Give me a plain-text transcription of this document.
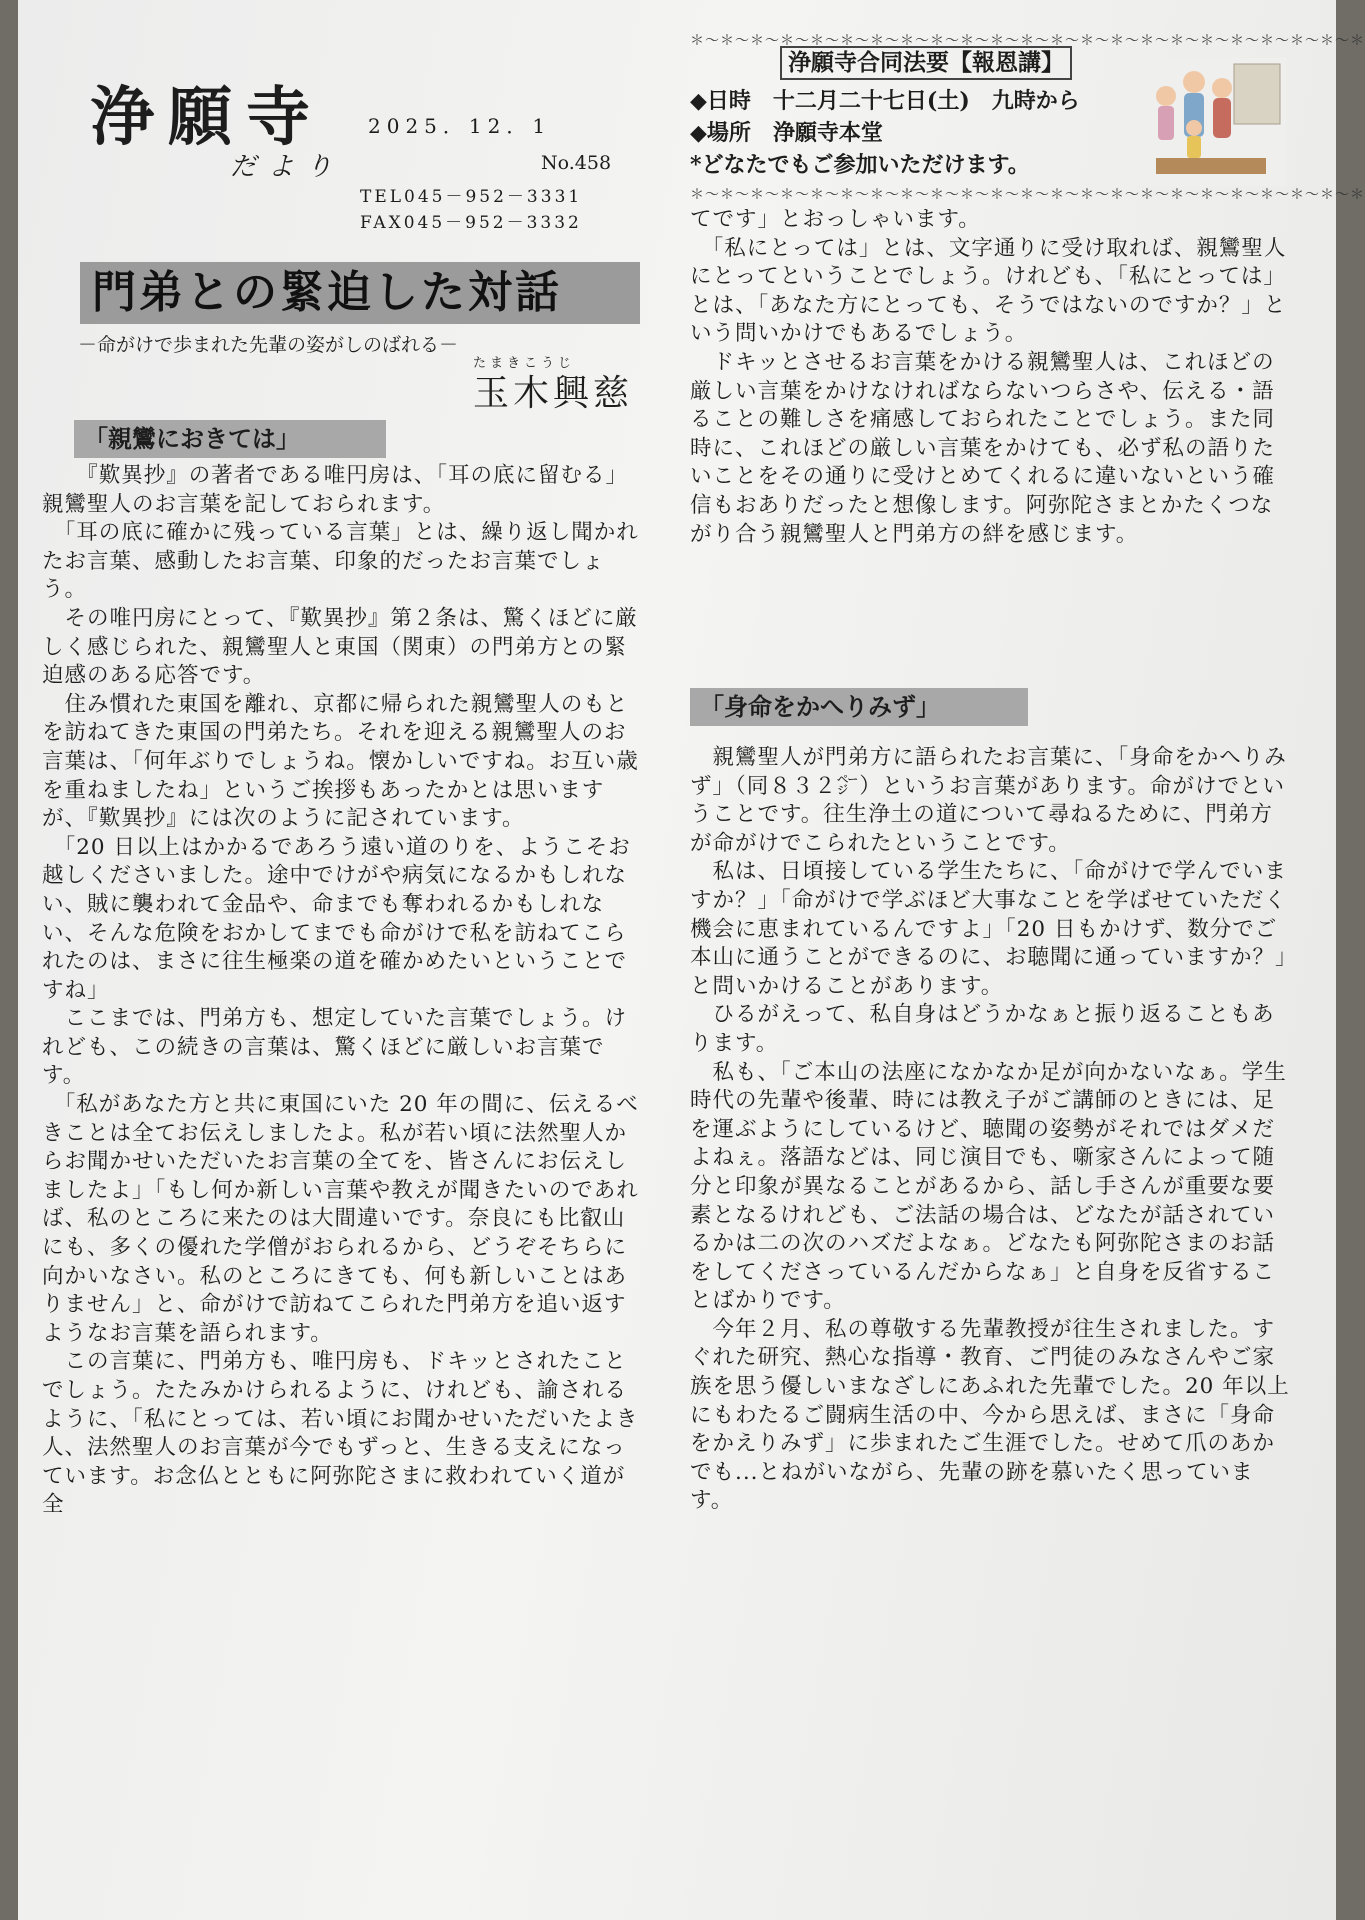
浄願寺
だより
2025．12．1
No.458
TEL045－952－3331
FAX045－952－3332
門弟との緊迫した対話
－命がけで歩まれた先輩の姿がしのばれる－
たまきこうじ
玉木興慈
「親鸞におきては」

　　『歎異抄』の著者である唯円房は、「耳の底に留むる」親鸞聖人のお言葉を記しておられます。

　「耳の底に確かに残っている言葉」とは、繰り返し聞かれたお言葉、感動したお言葉、印象的だったお言葉でしょう。

　その唯円房にとって、『歎異抄』第２条は、驚くほどに厳しく感じられた、親鸞聖人と東国（関東）の門弟方との緊迫感のある応答です。

　住み慣れた東国を離れ、京都に帰られた親鸞聖人のもとを訪ねてきた東国の門弟たち。それを迎える親鸞聖人のお言葉は、「何年ぶりでしょうね。懐かしいですね。お互い歳を重ねましたね」というご挨拶もあったかとは思いますが、『歎異抄』には次のように記されています。

　「20 日以上はかかるであろう遠い道のりを、ようこそお越しくださいました。途中でけがや病気になるかもしれない、賊に襲われて金品や、命までも奪われるかもしれない、そんな危険をおかしてまでも命がけで私を訪ねてこられたのは、まさに往生極楽の道を確かめたいということですね」

　ここまでは、門弟方も、想定していた言葉でしょう。けれども、この続きの言葉は、驚くほどに厳しいお言葉です。

　「私があなた方と共に東国にいた 20 年の間に、伝えるべきことは全てお伝えしましたよ。私が若い頃に法然聖人からお聞かせいただいたお言葉の全てを、皆さんにお伝えしましたよ」「もし何か新しい言葉や教えが聞きたいのであれば、私のところに来たのは大間違いです。奈良にも比叡山にも、多くの優れた学僧がおられるから、どうぞそちらに向かいなさい。私のところにきても、何も新しいことはありません」と、命がけで訪ねてこられた門弟方を追い返すようなお言葉を語られます。

　この言葉に、門弟方も、唯円房も、ドキッとされたことでしょう。たたみかけられるように、けれども、諭されるように、「私にとっては、若い頃にお聞かせいただいたよき人、法然聖人のお言葉が今でもずっと、生きる支えになっています。お念仏とともに阿弥陀さまに救われていく道が全

＊～＊～＊～＊～＊～＊～＊～＊～＊～＊～＊～＊～＊～＊～＊～＊～＊～＊～＊～＊～＊～＊～＊
浄願寺合同法要【報恩講】
◆日時　十二月二十七日(土)　九時から
◆場所　浄願寺本堂
*どなたでもご参加いただけます。
＊～＊～＊～＊～＊～＊～＊～＊～＊～＊～＊～＊～＊～＊～＊～＊～＊～＊～＊～＊～＊～＊～＊

てです」とおっしゃいます。

　「私にとっては」とは、文字通りに受け取れば、親鸞聖人にとってということでしょう。けれども、「私にとっては」とは、「あなた方にとっても、そうではないのですか？」という問いかけでもあるでしょう。

　ドキッとさせるお言葉をかける親鸞聖人は、これほどの厳しい言葉をかけなければならないつらさや、伝える・語ることの難しさを痛感しておられたことでしょう。また同時に、これほどの厳しい言葉をかけても、必ず私の語りたいことをその通りに受けとめてくれるに違いないという確信もおありだったと想像します。阿弥陀さまとかたくつながり合う親鸞聖人と門弟方の絆を感じます。

「身命をかへりみず」

　親鸞聖人が門弟方に語られたお言葉に、「身命をかへりみず」（同８３２㌻）というお言葉があります。命がけでということです。往生浄土の道について尋ねるために、門弟方が命がけでこられたということです。

　私は、日頃接している学生たちに、「命がけで学んでいますか？」「命がけで学ぶほど大事なことを学ばせていただく機会に恵まれているんですよ」「20 日もかけず、数分でご本山に通うことができるのに、お聴聞に通っていますか？」と問いかけることがあります。

　ひるがえって、私自身はどうかなぁと振り返ることもあります。

　私も、「ご本山の法座になかなか足が向かないなぁ。学生時代の先輩や後輩、時には教え子がご講師のときには、足を運ぶようにしているけど、聴聞の姿勢がそれではダメだよねぇ。落語などは、同じ演目でも、噺家さんによって随分と印象が異なることがあるから、話し手さんが重要な要素となるけれども、ご法話の場合は、どなたが話されているかは二の次のハズだよなぁ。どなたも阿弥陀さまのお話をしてくださっているんだからなぁ」と自身を反省することばかりです。

　今年２月、私の尊敬する先輩教授が往生されました。すぐれた研究、熱心な指導・教育、ご門徒のみなさんやご家族を思う優しいまなざしにあふれた先輩でした。20 年以上にもわたるご闘病生活の中、今から思えば、まさに「身命をかえりみず」に歩まれたご生涯でした。せめて爪のあかでも...とねがいながら、先輩の跡を慕いたく思っています。
